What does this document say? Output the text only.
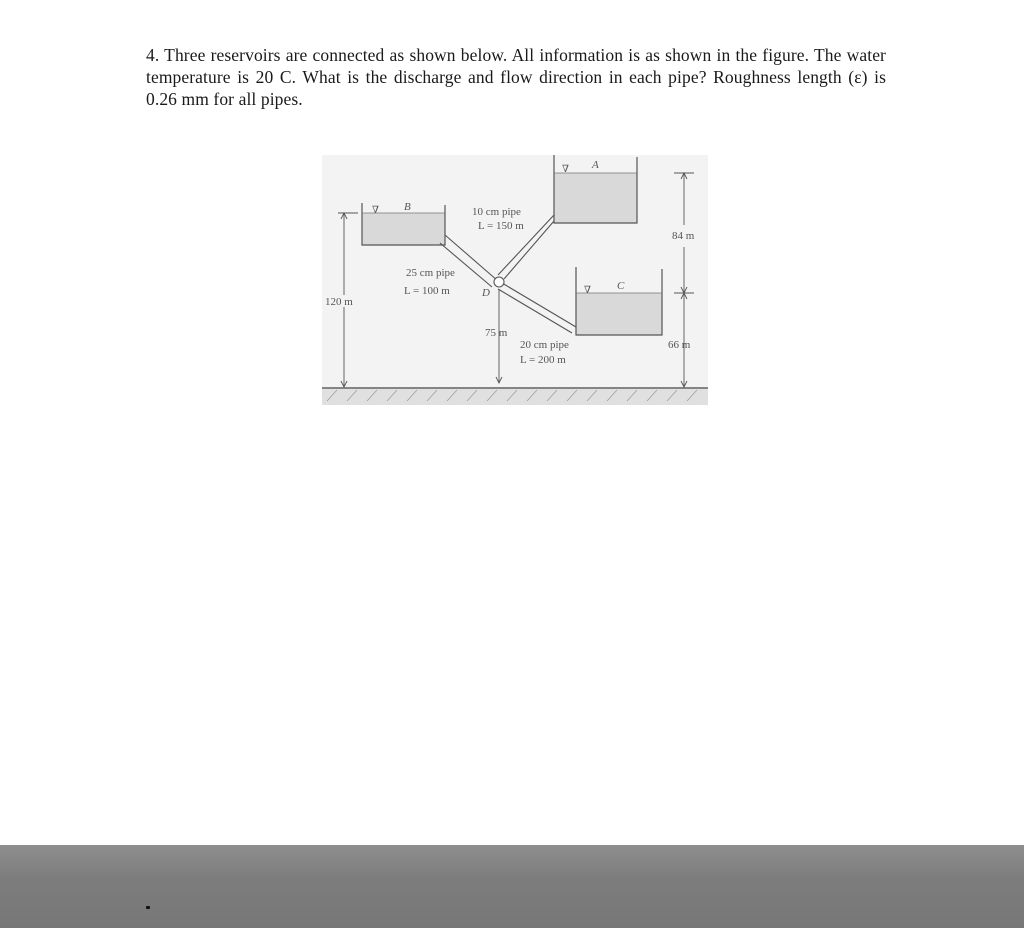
4. Three reservoirs are connected as shown below. All information is as shown in the figure. The water temperature is 20 C. What is the discharge and flow direction in each pipe? Roughness length (ε) is 0.26 mm for all pipes.

∇ B
∇ A
∇ C
D
10 cm pipe
L = 150 m
25 cm pipe
L = 100 m
20 cm pipe
L = 200 m
120 m
75 m
84 m
66 m
